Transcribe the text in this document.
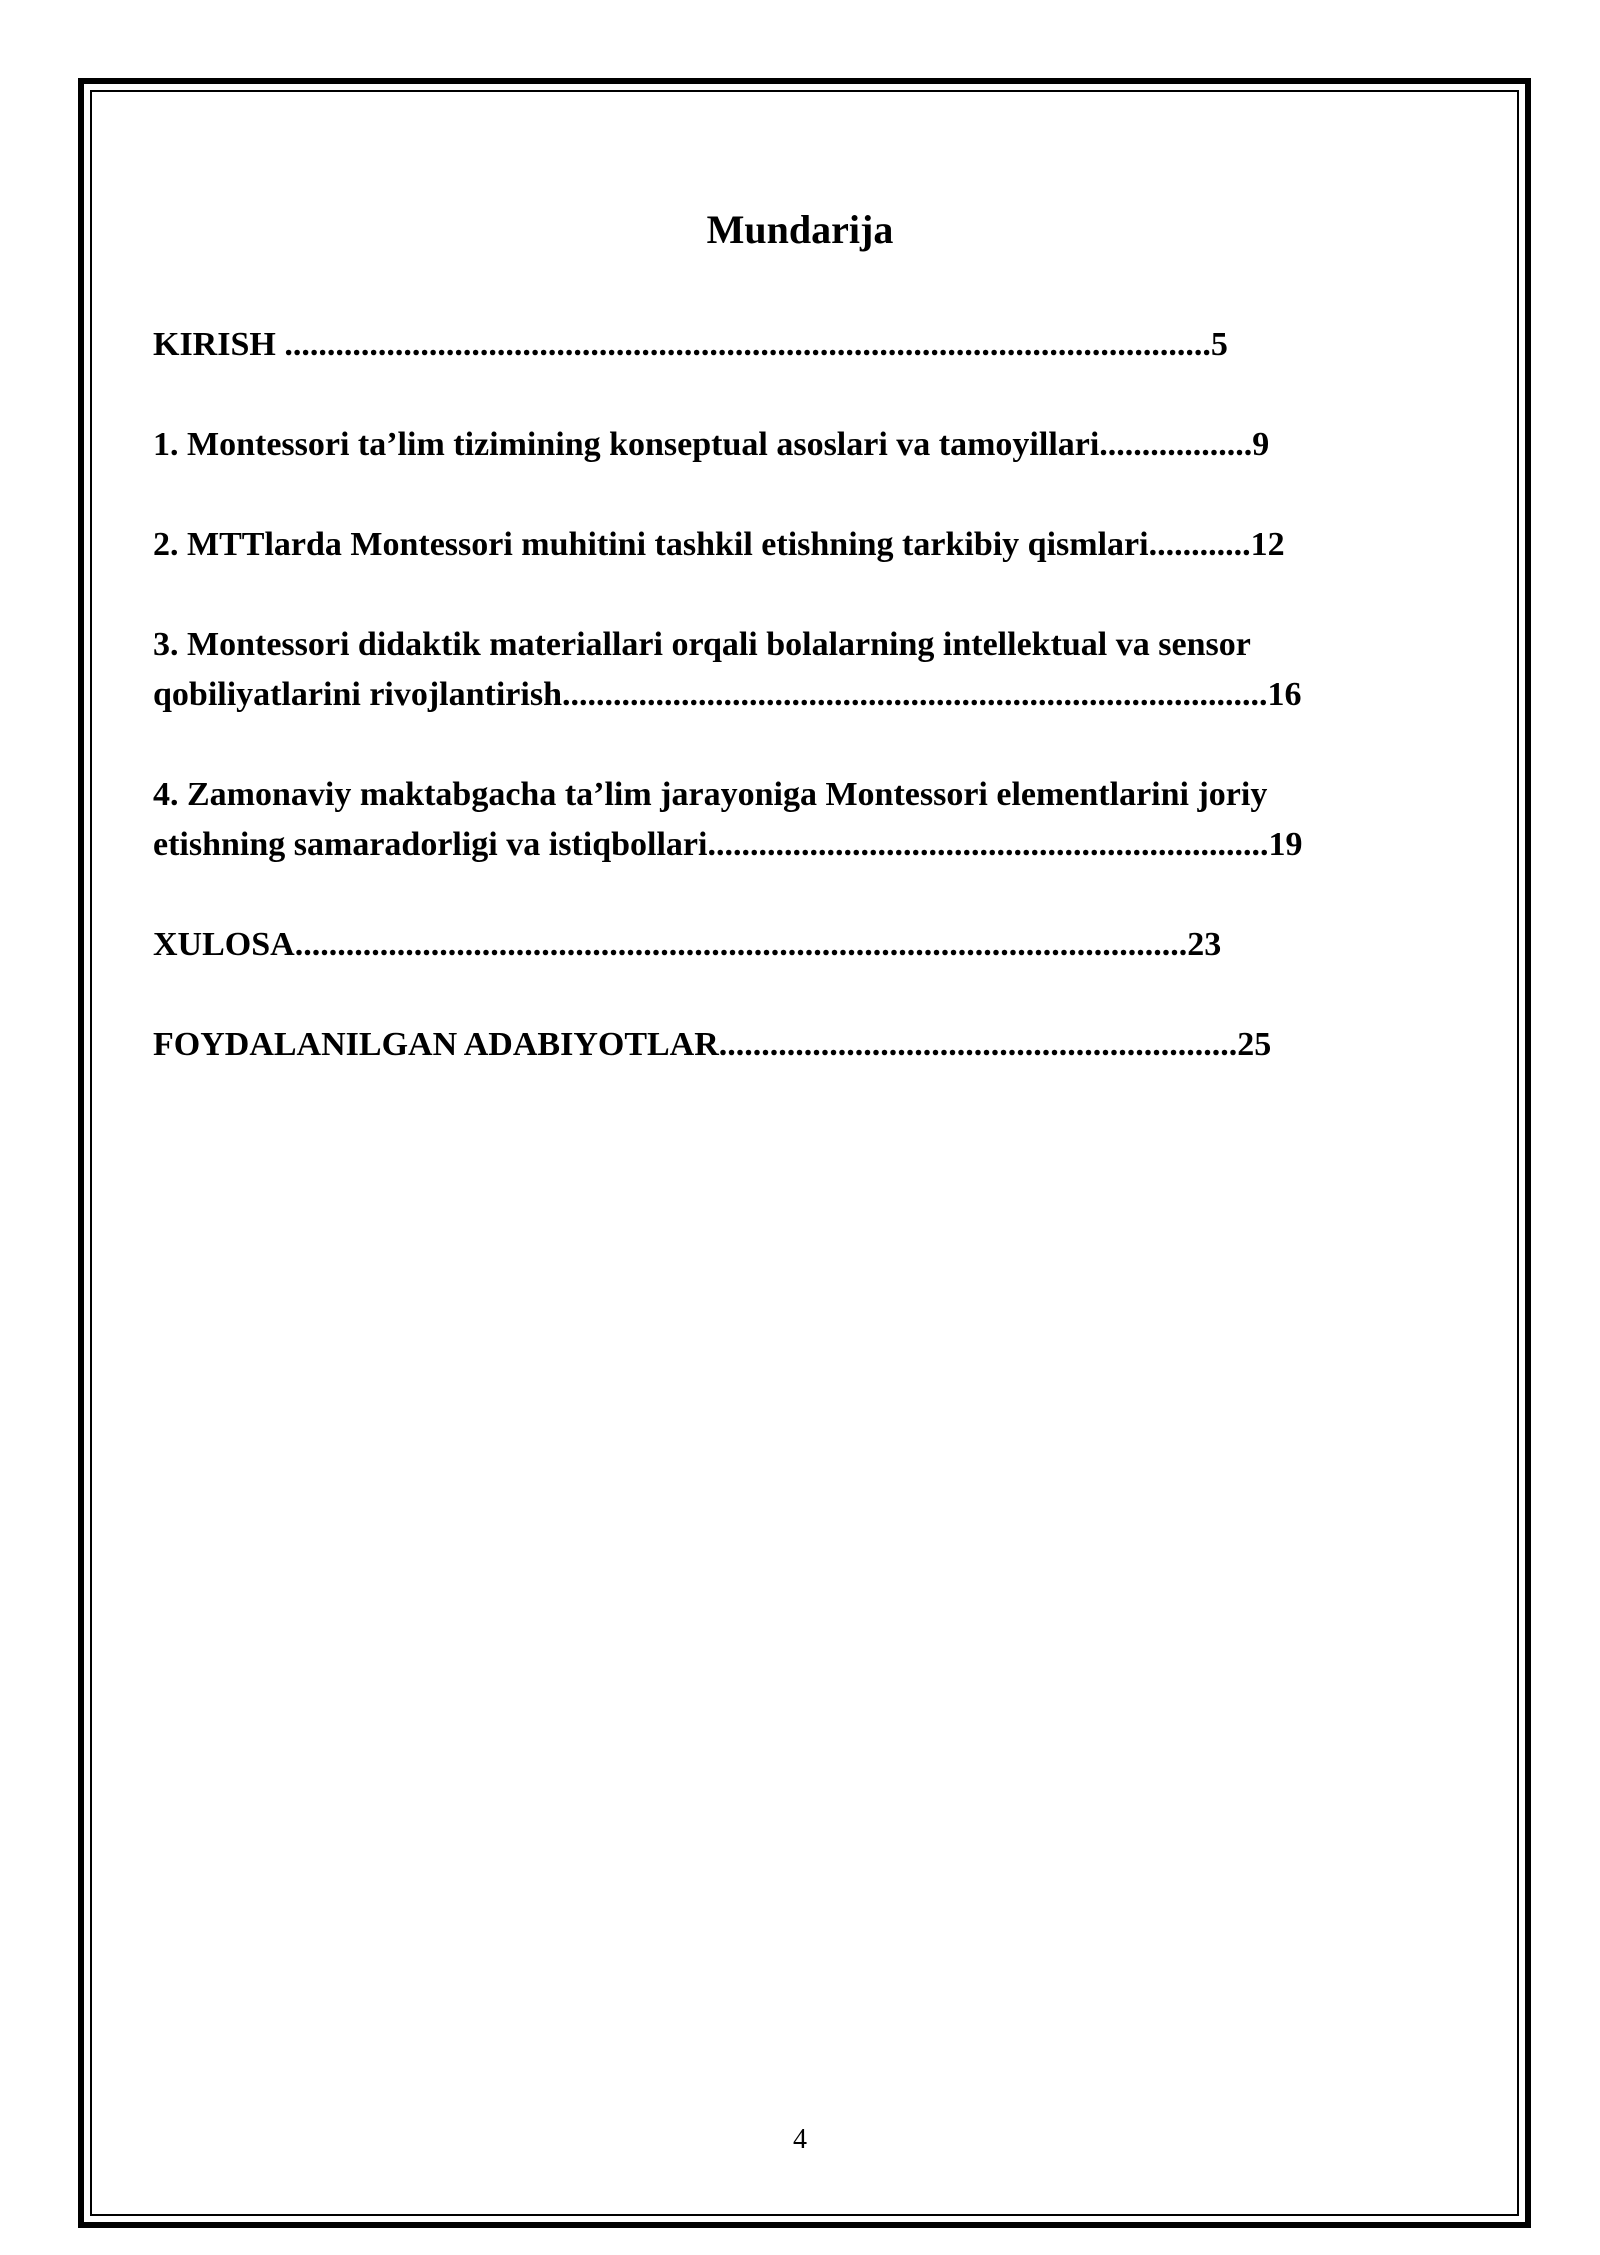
Mundarija
KIRISH .............................................................................................................5
1. Montessori ta’lim tizimining konseptual asoslari va tamoyillari..................9
2. MTTlarda Montessori muhitini tashkil etishning tarkibiy qismlari............12
3. Montessori didaktik materiallari orqali bolalarning intellektual va sensor
qobiliyatlarini rivojlantirish...................................................................................16
4. Zamonaviy maktabgacha ta’lim jarayoniga Montessori elementlarini joriy
etishning samaradorligi va istiqbollari..................................................................19
XULOSA.........................................................................................................23
FOYDALANILGAN ADABIYOTLAR.............................................................25
4
